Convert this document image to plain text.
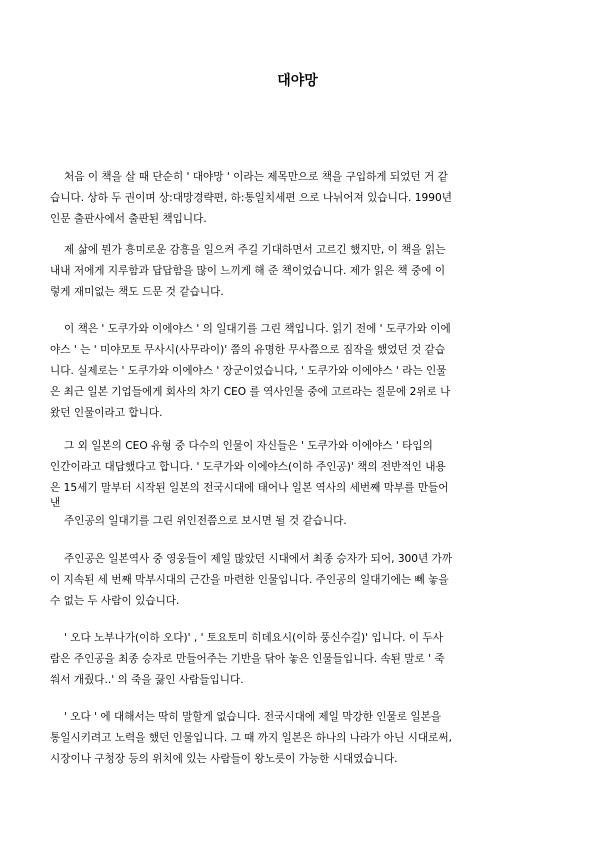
대야망
처음 이 책을 살 때 단순히 ' 대야망 ' 이라는 제목만으로 책을 구입하게 되었던 거 같
습니다. 상하 두 권이며 상:대망경략편, 하:통일치세편 으로 나뉘어져 있습니다. 1990년
인문 출판사에서 출판된 책입니다.
제 삶에 뭔가 흥미로운 감흥을 일으켜 주길 기대하면서 고르긴 했지만, 이 책을 읽는
내내 저에게 지루함과 답답함을 많이 느끼게 해 준 책이었습니다. 제가 읽은 책 중에 이
렇게 재미없는 책도 드문 것 같습니다.
이 책은 ' 도쿠가와 이에야스 ' 의 일대기를 그린 책입니다. 읽기 전에 ' 도쿠가와 이에
야스 ' 는 ' 미야모토 무사시(사무라이)' 쯤의 유명한 무사쯤으로 짐작을 했었던 것 같습
니다. 실제로는 ' 도쿠가와 이에야스 ' 장군이었습니다, ' 도쿠가와 이에야스 ' 라는 인물
은 최근 일본 기업들에게 회사의 차기 CEO 를 역사인물 중에 고르라는 질문에 2위로 나
왔던 인물이라고 합니다.
그 외 일본의 CEO 유형 중 다수의 인물이 자신들은 ' 도쿠가와 이에야스 ' 타입의
인간이라고 대답했다고 합니다. ' 도쿠가와 이에야스(이하 주인공)' 책의 전반적인 내용
은 15세기 말부터 시작된 일본의 전국시대에 태어나 일본 역사의 세번째 막부를 만들어
낸
주인공의 일대기를 그린 위인전쯤으로 보시면 될 것 같습니다.
주인공은 일본역사 중 영웅들이 제일 많았던 시대에서 최종 승자가 되어, 300년 가까
이 지속된 세 번째 막부시대의 근간을 마련한 인물입니다. 주인공의 일대기에는 뻬 놓을
수 없는 두 사람이 있습니다.
' 오다 노부나가(이하 오다)' , ' 토요토미 히데요시(이하 풍신수길)' 입니다. 이 두사
람은 주인공을 최종 승자로 만들어주는 기반을 닦아 놓은 인물들입니다. 속된 말로 ' 죽
쒀서 개줬다..' 의 죽을 끓인 사람들입니다.
' 오다 ' 에 대해서는 딱히 말할게 없습니다. 전국시대에 제일 막강한 인물로 일본을
통일시키려고 노력을 했던 인물입니다. 그 때 까지 일본은 하나의 나라가 아닌 시대로써,
시장이나 구청장 등의 위치에 있는 사람들이 왕노릇이 가능한 시대였습니다.
